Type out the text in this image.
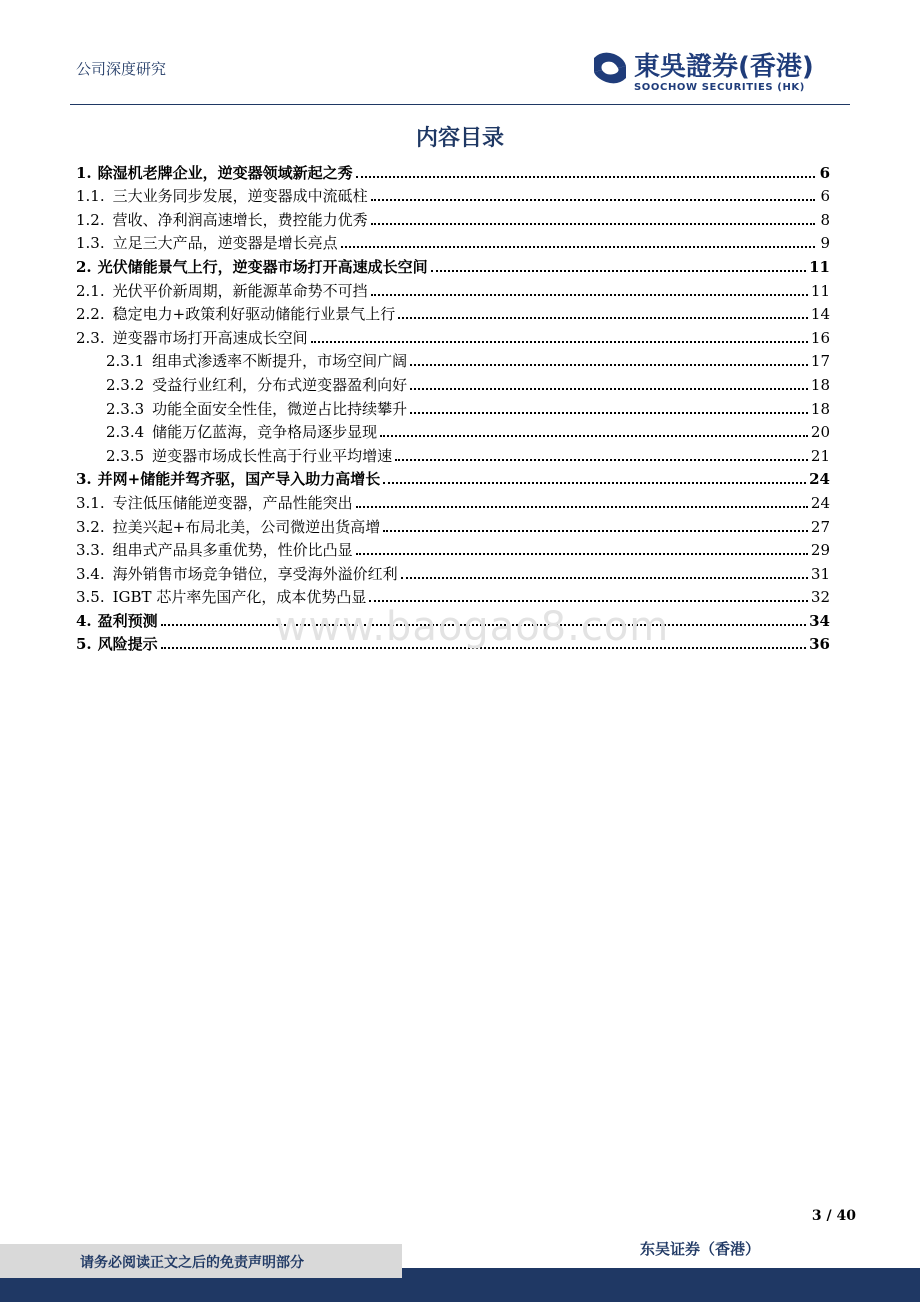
公司深度研究	東吳證券(香港)
SOOCHOW SECURITIES (HK)
内容目录
1. 除湿机老牌企业，逆变器领域新起之秀	6
1.1. 三大业务同步发展，逆变器成中流砥柱	6
1.2. 营收、净利润高速增长，费控能力优秀	8
1.3. 立足三大产品，逆变器是增长亮点	9
2. 光伏储能景气上行，逆变器市场打开高速成长空间	11
2.1. 光伏平价新周期，新能源革命势不可挡	11
2.2. 稳定电力+政策利好驱动储能行业景气上行	14
2.3. 逆变器市场打开高速成长空间	16
2.3.1 组串式渗透率不断提升，市场空间广阔	17
2.3.2 受益行业红利，分布式逆变器盈利向好	18
2.3.3 功能全面安全性佳，微逆占比持续攀升	18
2.3.4 储能万亿蓝海，竞争格局逐步显现	20
2.3.5 逆变器市场成长性高于行业平均增速	21
3. 并网+储能并驾齐驱，国产导入助力高增长	24
3.1. 专注低压储能逆变器，产品性能突出	24
3.2. 拉美兴起+布局北美，公司微逆出货高增	27
3.3. 组串式产品具多重优势，性价比凸显	29
3.4. 海外销售市场竞争错位，享受海外溢价红利	31
3.5. IGBT 芯片率先国产化，成本优势凸显	32
4. 盈利预测	34
5. 风险提示	36
www.baogao8.com
3 / 40
请务必阅读正文之后的免责声明部分
东吴证券（香港）
